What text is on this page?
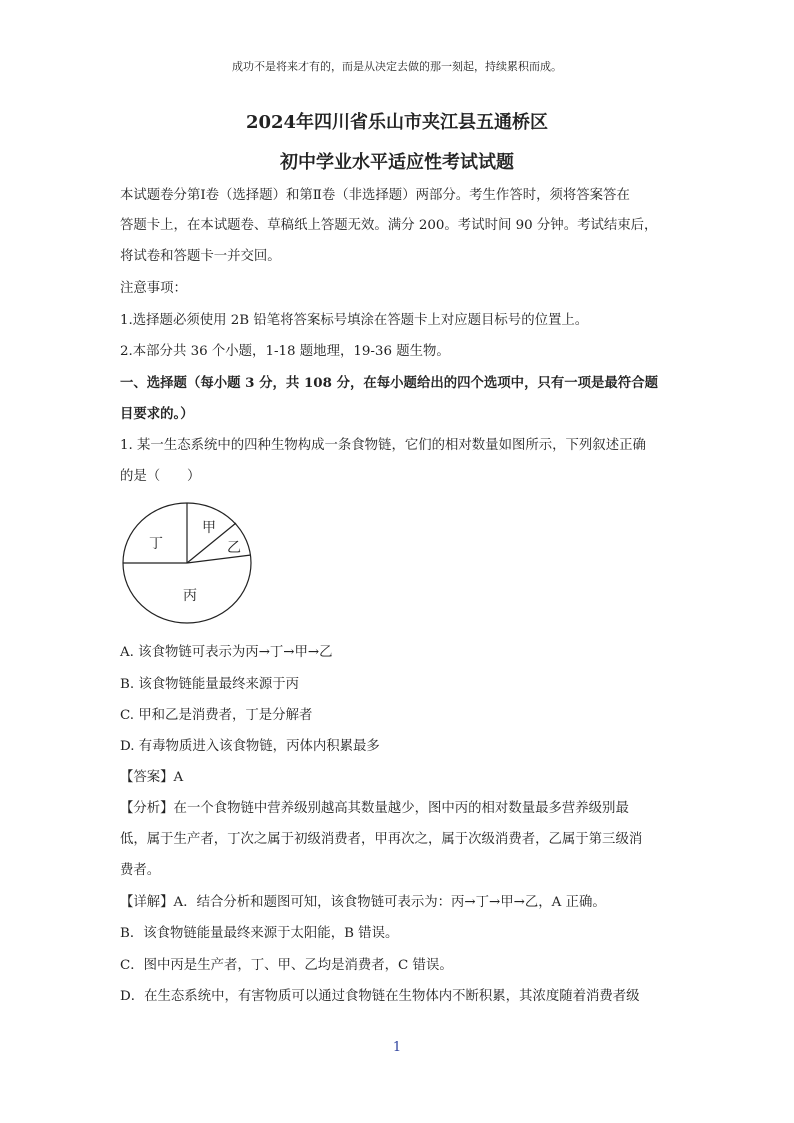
成功不是将来才有的，而是从决定去做的那一刻起，持续累积而成。
2024年四川省乐山市夹江县五通桥区
初中学业水平适应性考试试题
本试题卷分第Ⅰ卷（选择题）和第Ⅱ卷（非选择题）两部分。考生作答时，须将答案答在
答题卡上，在本试题卷、草稿纸上答题无效。满分 200。考试时间 90 分钟。考试结束后，
将试卷和答题卡一并交回。
注意事项：
1.选择题必须使用 2B 铅笔将答案标号填涂在答题卡上对应题目标号的位置上。
2.本部分共 36 个小题，1-18 题地理，19-36 题生物。
一、选择题（每小题 3 分，共 108 分，在每小题给出的四个选项中，只有一项是最符合题
目要求的。）
1. 某一生态系统中的四种生物构成一条食物链，它们的相对数量如图所示，下列叙述正确
的是（　　）
丁
甲
乙
丙
A. 该食物链可表示为丙→丁→甲→乙
B. 该食物链能量最终来源于丙
C. 甲和乙是消费者，丁是分解者
D. 有毒物质进入该食物链，丙体内积累最多
【答案】A
【分析】在一个食物链中营养级别越高其数量越少，图中丙的相对数量最多营养级别最
低，属于生产者，丁次之属于初级消费者，甲再次之，属于次级消费者，乙属于第三级消
费者。
【详解】A．结合分析和题图可知，该食物链可表示为：丙→丁→甲→乙，A 正确。
B．该食物链能量最终来源于太阳能，B 错误。
C．图中丙是生产者，丁、甲、乙均是消费者，C 错误。
D．在生态系统中，有害物质可以通过食物链在生物体内不断积累，其浓度随着消费者级
1
